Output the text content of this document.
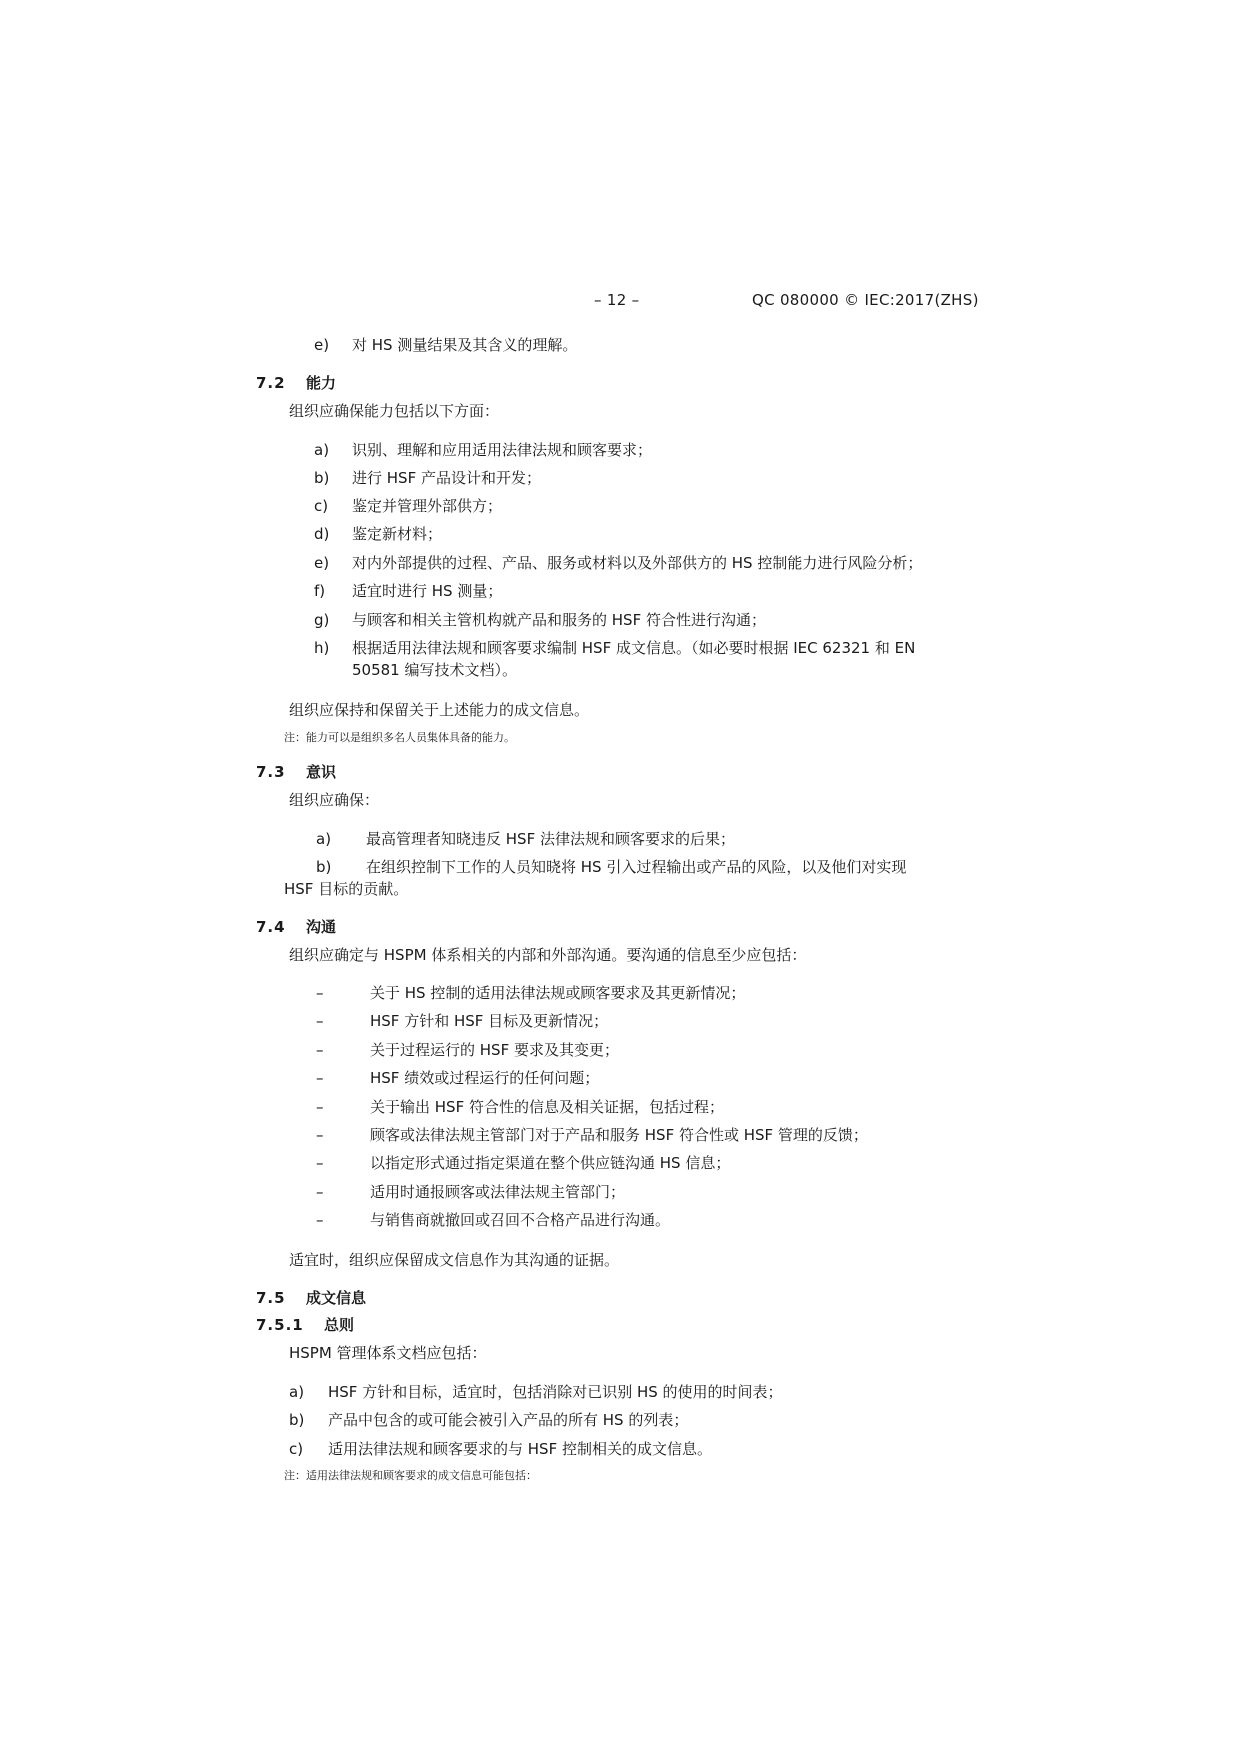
– 12 –	QC 080000 © IEC:2017(ZHS)
e) 对 HS 测量结果及其含义的理解。
7.2 能力
组织应确保能力包括以下方面：
a) 识别、理解和应用适用法律法规和顾客要求；
b) 进行 HSF 产品设计和开发；
c) 鉴定并管理外部供方；
d) 鉴定新材料；
e) 对内外部提供的过程、产品、服务或材料以及外部供方的 HS 控制能力进行风险分析；
f) 适宜时进行 HS 测量；
g) 与顾客和相关主管机构就产品和服务的 HSF 符合性进行沟通；
h) 根据适用法律法规和顾客要求编制 HSF 成文信息。（如必要时根据 IEC 62321 和 EN
50581 编写技术文档）。
组织应保持和保留关于上述能力的成文信息。
注：能力可以是组织多名人员集体具备的能力。
7.3 意识
组织应确保：
a) 最高管理者知晓违反 HSF 法律法规和顾客要求的后果；
b) 在组织控制下工作的人员知晓将 HS 引入过程输出或产品的风险，以及他们对实现
HSF 目标的贡献。
7.4 沟通
组织应确定与 HSPM 体系相关的内部和外部沟通。要沟通的信息至少应包括：
–	关于 HS 控制的适用法律法规或顾客要求及其更新情况；
–	HSF 方针和 HSF 目标及更新情况；
–	关于过程运行的 HSF 要求及其变更；
–	HSF 绩效或过程运行的任何问题；
–	关于输出 HSF 符合性的信息及相关证据，包括过程；
–	顾客或法律法规主管部门对于产品和服务 HSF 符合性或 HSF 管理的反馈；
–	以指定形式通过指定渠道在整个供应链沟通 HS 信息；
–	适用时通报顾客或法律法规主管部门；
–	与销售商就撤回或召回不合格产品进行沟通。
适宜时，组织应保留成文信息作为其沟通的证据。
7.5 成文信息
7.5.1 总则
HSPM 管理体系文档应包括：
a) HSF 方针和目标，适宜时，包括消除对已识别 HS 的使用的时间表；
b) 产品中包含的或可能会被引入产品的所有 HS 的列表；
c) 适用法律法规和顾客要求的与 HSF 控制相关的成文信息。
注：适用法律法规和顾客要求的成文信息可能包括：
